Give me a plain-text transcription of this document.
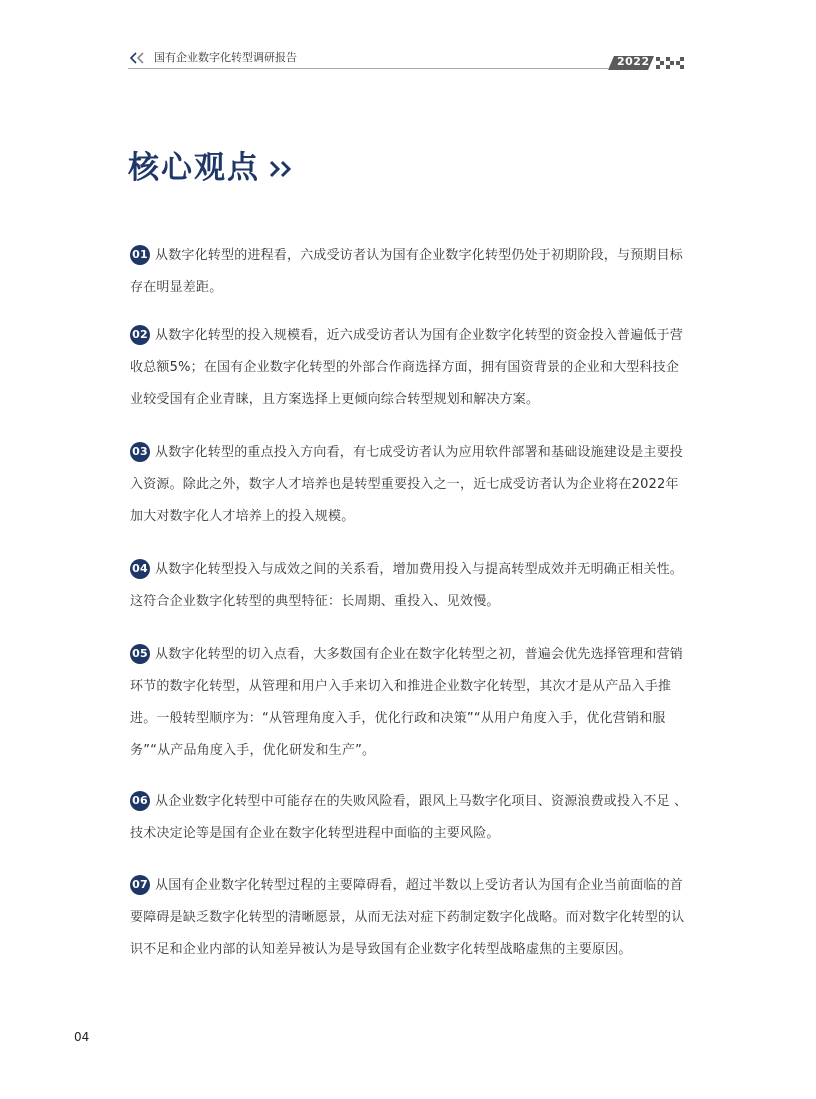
国有企业数字化转型调研报告	2022
核心观点
01 从数字化转型的进程看，六成受访者认为国有企业数字化转型仍处于初期阶段，与预期目标存在明显差距。
02 从数字化转型的投入规模看，近六成受访者认为国有企业数字化转型的资金投入普遍低于营收总额5%；在国有企业数字化转型的外部合作商选择方面，拥有国资背景的企业和大型科技企业较受国有企业青睐，且方案选择上更倾向综合转型规划和解决方案。
03 从数字化转型的重点投入方向看，有七成受访者认为应用软件部署和基础设施建设是主要投入资源。除此之外，数字人才培养也是转型重要投入之一，近七成受访者认为企业将在2022年加大对数字化人才培养上的投入规模。
04 从数字化转型投入与成效之间的关系看，增加费用投入与提高转型成效并无明确正相关性。这符合企业数字化转型的典型特征：长周期、重投入、见效慢。
05 从数字化转型的切入点看，大多数国有企业在数字化转型之初，普遍会优先选择管理和营销环节的数字化转型，从管理和用户入手来切入和推进企业数字化转型，其次才是从产品入手推进。一般转型顺序为：“从管理角度入手，优化行政和决策”“从用户角度入手，优化营销和服务”“从产品角度入手，优化研发和生产”。
06 从企业数字化转型中可能存在的失败风险看，跟风上马数字化项目、资源浪费或投入不足 、技术决定论等是国有企业在数字化转型进程中面临的主要风险。
07 从国有企业数字化转型过程的主要障碍看，超过半数以上受访者认为国有企业当前面临的首要障碍是缺乏数字化转型的清晰愿景，从而无法对症下药制定数字化战略。而对数字化转型的认识不足和企业内部的认知差异被认为是导致国有企业数字化转型战略虚焦的主要原因。
04
